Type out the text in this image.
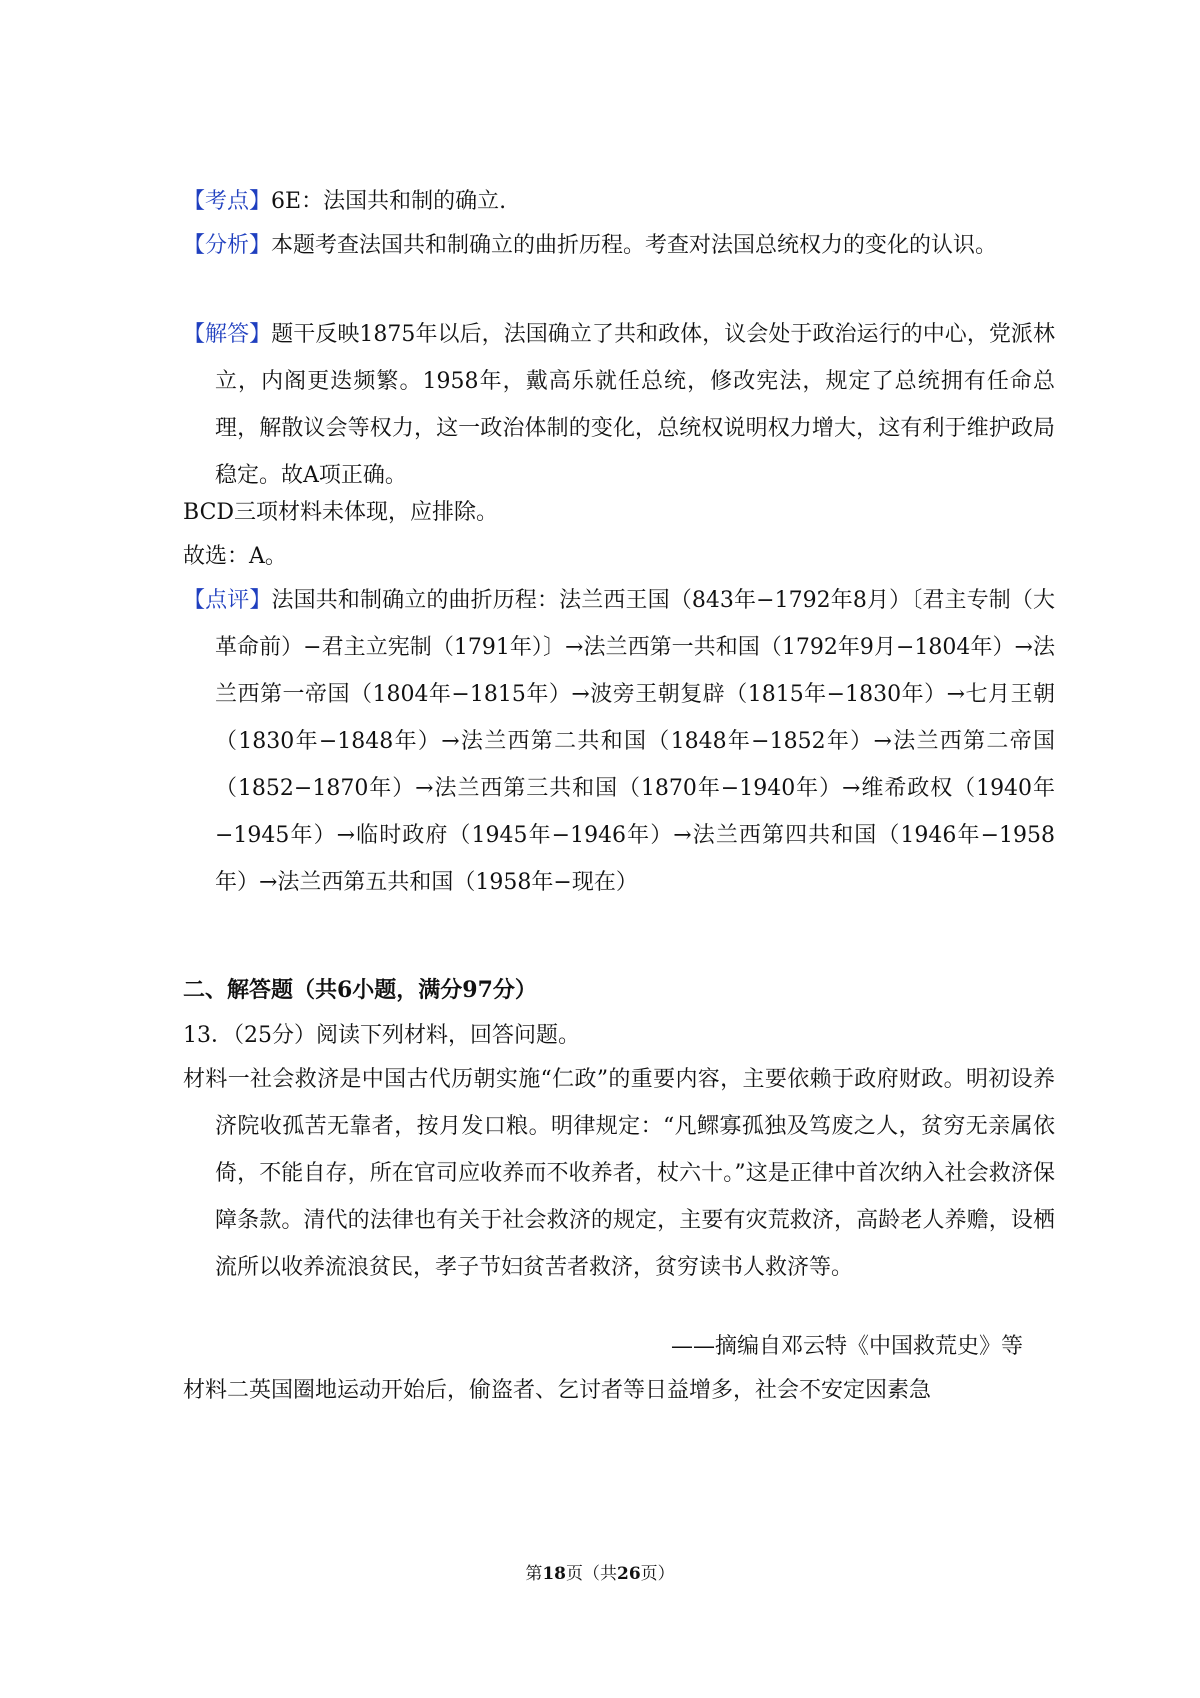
【考点】6E：法国共和制的确立.
【分析】本题考查法国共和制确立的曲折历程。考查对法国总统权力的变化的认识。
【解答】题干反映1875年以后，法国确立了共和政体，议会处于政治运行的中心，党派林立，内阁更迭频繁。1958年，戴高乐就任总统，修改宪法，规定了总统拥有任命总理，解散议会等权力，这一政治体制的变化，总统权说明权力增大，这有利于维护政局稳定。故A项正确。
BCD三项材料未体现，应排除。
故选：A。
【点评】法国共和制确立的曲折历程：法兰西王国（843年−1792年8月）〔君主专制（大革命前）−君主立宪制（1791年）〕→法兰西第一共和国（1792年9月−1804年）→法兰西第一帝国（1804年−1815年）→波旁王朝复辟（1815年−1830年）→七月王朝（1830年−1848年）→法兰西第二共和国（1848年−1852年）→法兰西第二帝国（1852−1870年）→法兰西第三共和国（1870年−1940年）→维希政权（1940年−1945年）→临时政府（1945年−1946年）→法兰西第四共和国（1946年−1958年）→法兰西第五共和国（1958年−现在）
二、解答题（共6小题，满分97分）
13．（25分）阅读下列材料，回答问题。
材料一社会救济是中国古代历朝实施“仁政”的重要内容，主要依赖于政府财政。明初设养济院收孤苦无靠者，按月发口粮。明律规定：“凡鳏寡孤独及笃废之人，贫穷无亲属依倚，不能自存，所在官司应收养而不收养者，杖六十。”这是正律中首次纳入社会救济保障条款。清代的法律也有关于社会救济的规定，主要有灾荒救济，高龄老人养赡，设栖流所以收养流浪贫民，孝子节妇贫苦者救济，贫穷读书人救济等。
——摘编自邓云特《中国救荒史》等
材料二英国圈地运动开始后，偷盗者、乞讨者等日益增多，社会不安定因素急
第18页（共26页）
